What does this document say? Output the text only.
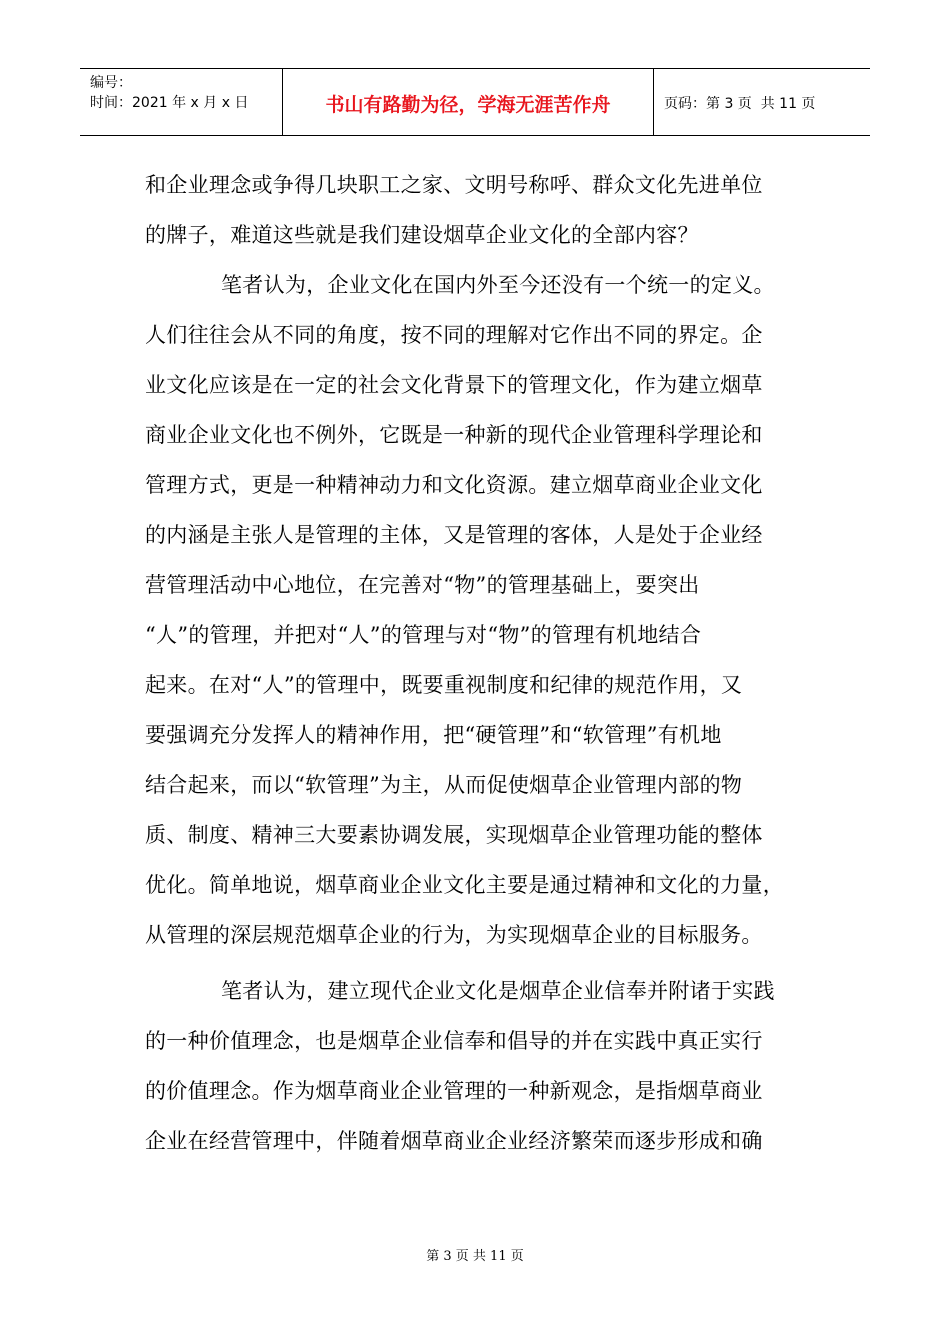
编号：
时间：2021 年 x 月 x 日	书山有路勤为径，学海无涯苦作舟	页码：第 3 页  共 11 页
和企业理念或争得几块职工之家、文明号称呼、群众文化先进单位
的牌子，难道这些就是我们建设烟草企业文化的全部内容？
笔者认为，企业文化在国内外至今还没有一个统一的定义。
人们往往会从不同的角度，按不同的理解对它作出不同的界定。企
业文化应该是在一定的社会文化背景下的管理文化，作为建立烟草
商业企业文化也不例外，它既是一种新的现代企业管理科学理论和
管理方式，更是一种精神动力和文化资源。建立烟草商业企业文化
的内涵是主张人是管理的主体，又是管理的客体，人是处于企业经
营管理活动中心地位，在完善对“物”的管理基础上，要突出
“人”的管理，并把对“人”的管理与对“物”的管理有机地结合
起来。在对“人”的管理中，既要重视制度和纪律的规范作用，又
要强调充分发挥人的精神作用，把“硬管理”和“软管理”有机地
结合起来，而以“软管理”为主，从而促使烟草企业管理内部的物
质、制度、精神三大要素协调发展，实现烟草企业管理功能的整体
优化。简单地说，烟草商业企业文化主要是通过精神和文化的力量，
从管理的深层规范烟草企业的行为，为实现烟草企业的目标服务。
笔者认为，建立现代企业文化是烟草企业信奉并附诸于实践
的一种价值理念，也是烟草企业信奉和倡导的并在实践中真正实行
的价值理念。作为烟草商业企业管理的一种新观念，是指烟草商业
企业在经营管理中，伴随着烟草商业企业经济繁荣而逐步形成和确
第 3 页 共 11 页
